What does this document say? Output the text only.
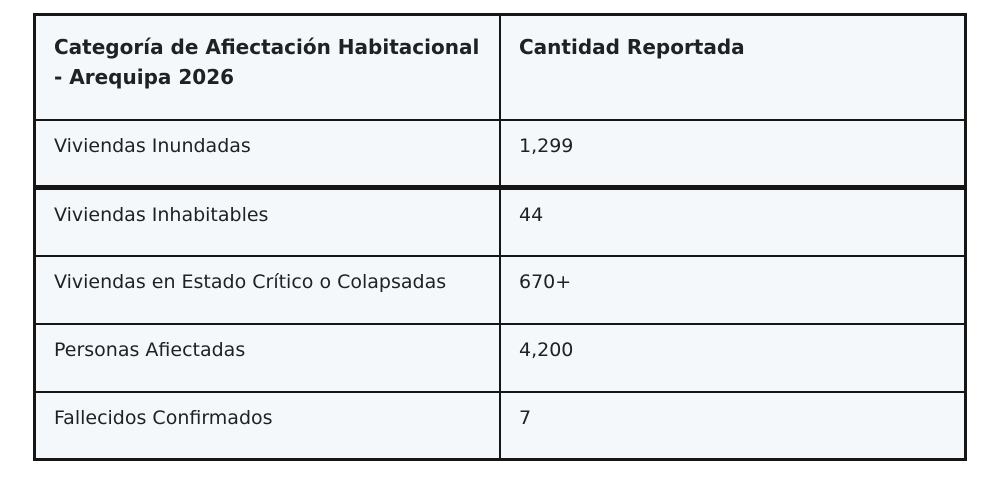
Categoría de Afiectación Habitacional - Arequipa 2026	Cantidad Reportada
Viviendas Inundadas	1,299
Viviendas Inhabitables	44
Viviendas en Estado Crítico o Colapsadas	670+
Personas Afiectadas	4,200
Fallecidos Confirmados	7
